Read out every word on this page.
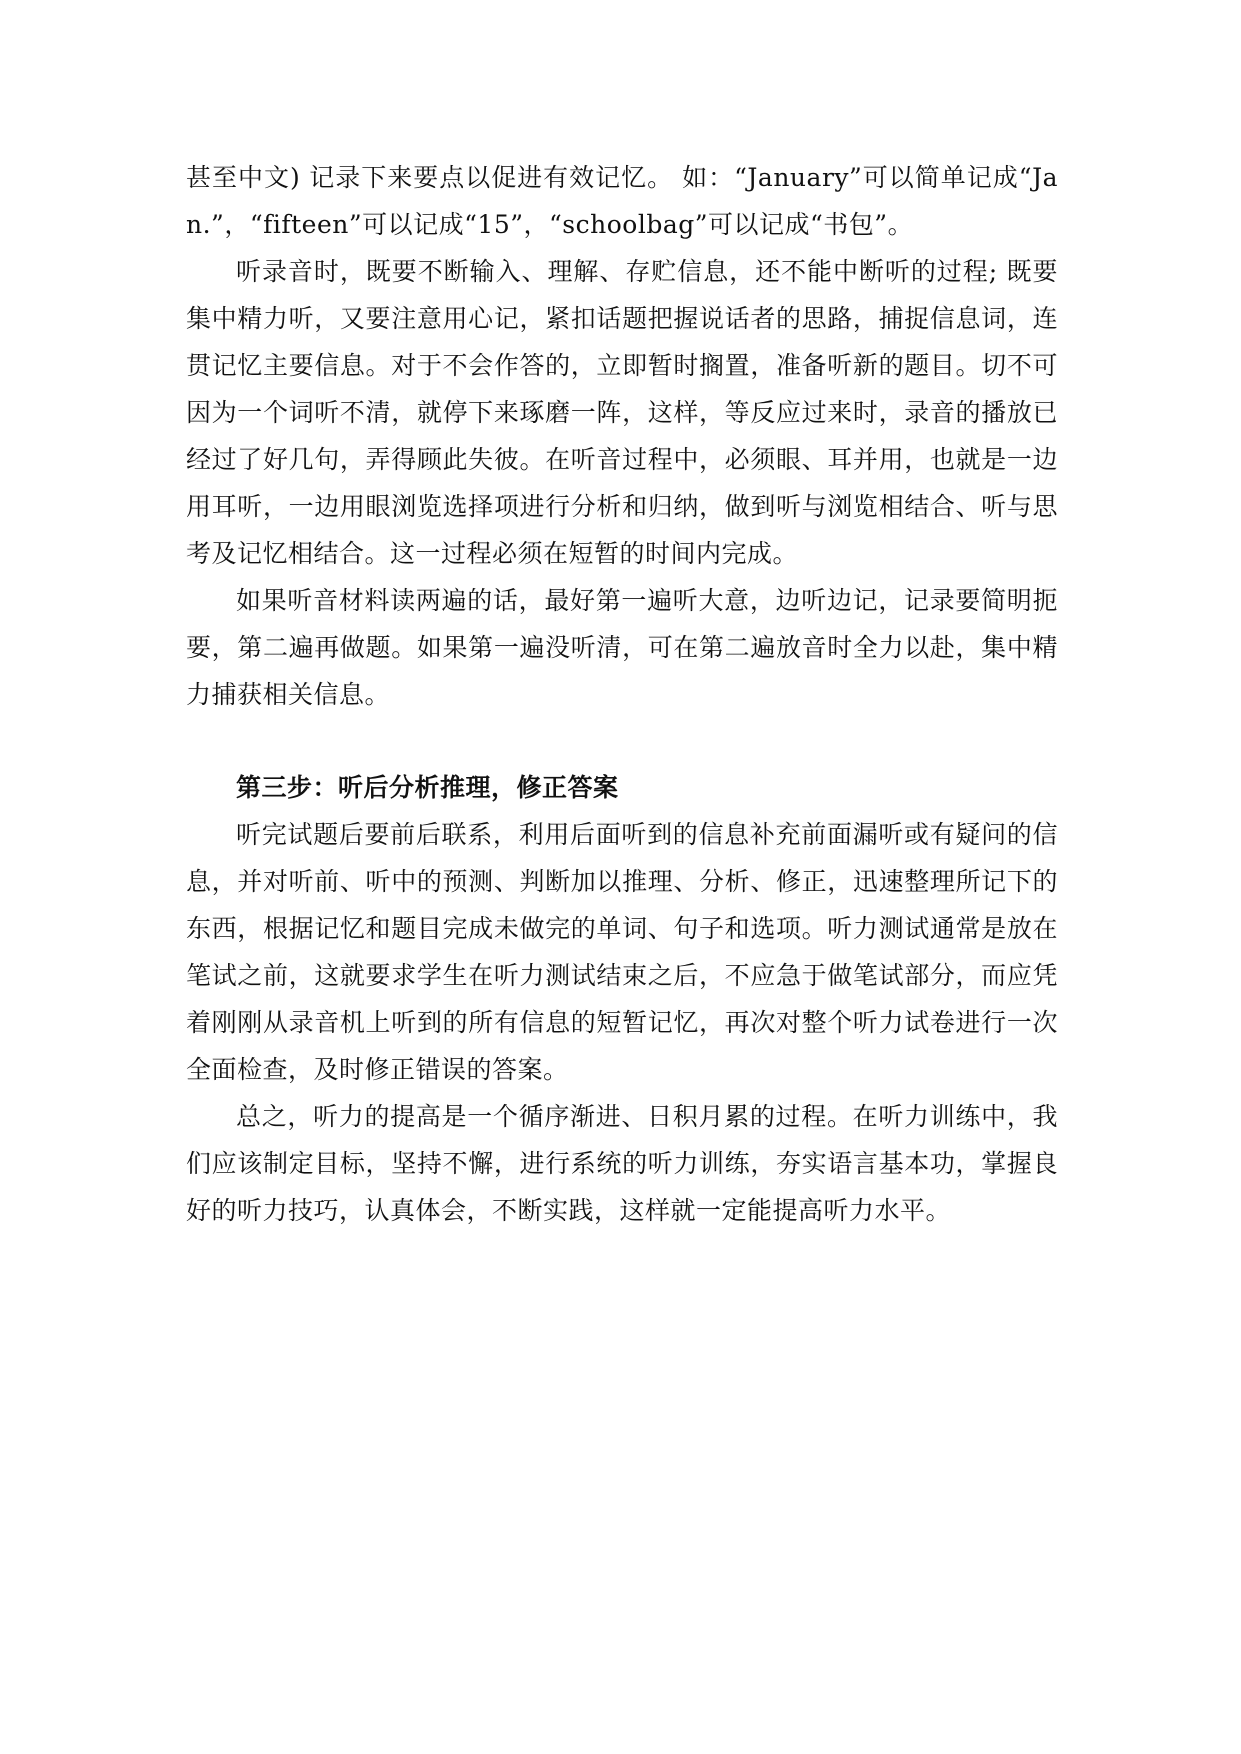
甚至中文) 记录下来要点以促进有效记忆。 如：“January”可以简单记成“Jan.”，“fifteen”可以记成“15”，“schoolbag”可以记成“书包”。

听录音时，既要不断输入、理解、存贮信息，还不能中断听的过程; 既要集中精力听，又要注意用心记，紧扣话题把握说话者的思路，捕捉信息词，连贯记忆主要信息。对于不会作答的，立即暂时搁置，准备听新的题目。切不可因为一个词听不清，就停下来琢磨一阵，这样，等反应过来时，录音的播放已经过了好几句，弄得顾此失彼。在听音过程中，必须眼、耳并用，也就是一边用耳听，一边用眼浏览选择项进行分析和归纳，做到听与浏览相结合、听与思考及记忆相结合。这一过程必须在短暂的时间内完成。

如果听音材料读两遍的话，最好第一遍听大意，边听边记，记录要简明扼要，第二遍再做题。如果第一遍没听清，可在第二遍放音时全力以赴，集中精力捕获相关信息。

第三步：听后分析推理，修正答案

听完试题后要前后联系，利用后面听到的信息补充前面漏听或有疑问的信息，并对听前、听中的预测、判断加以推理、分析、修正，迅速整理所记下的东西，根据记忆和题目完成未做完的单词、句子和选项。听力测试通常是放在笔试之前，这就要求学生在听力测试结束之后，不应急于做笔试部分，而应凭着刚刚从录音机上听到的所有信息的短暂记忆，再次对整个听力试卷进行一次全面检查，及时修正错误的答案。

总之，听力的提高是一个循序渐进、日积月累的过程。在听力训练中，我们应该制定目标，坚持不懈，进行系统的听力训练，夯实语言基本功，掌握良好的听力技巧，认真体会，不断实践，这样就一定能提高听力水平。
